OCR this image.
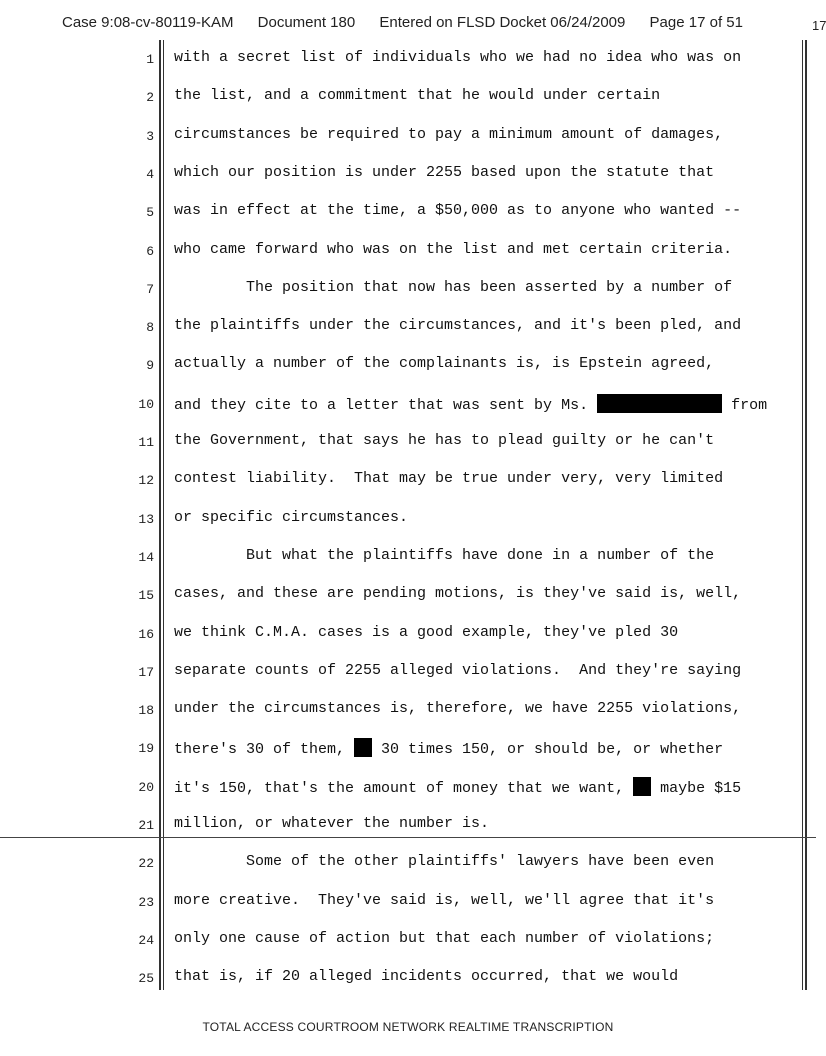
Case 9:08-cv-80119-KAM Document 180 Entered on FLSD Docket 06/24/2009 Page 17 of 51	17
1 with a secret list of individuals who we had no idea who was on
2 the list, and a commitment that he would under certain
3 circumstances be required to pay a minimum amount of damages,
4 which our position is under 2255 based upon the statute that
5 was in effect at the time, a $50,000 as to anyone who wanted --
6 who came forward who was on the list and met certain criteria.
7 The position that now has been asserted by a number of
8 the plaintiffs under the circumstances, and it's been pled, and
9 actually a number of the complainants is, is Epstein agreed,
10 and they cite to a letter that was sent by Ms.	from
11 the Government, that says he has to plead guilty or he can't
12 contest liability.  That may be true under very, very limited
13 or specific circumstances.
14 But what the plaintiffs have done in a number of the
15 cases, and these are pending motions, is they've said is, well,
16 we think C.M.A. cases is a good example, they've pled 30
17 separate counts of 2255 alleged violations.  And they're saying
18 under the circumstances is, therefore, we have 2255 violations,
19 there's 30 of them,  30 times 150, or should be, or whether
20 it's 150, that's the amount of money that we want,  maybe $15
21 million, or whatever the number is.
22 Some of the other plaintiffs' lawyers have been even
23 more creative.  They've said is, well, we'll agree that it's
24 only one cause of action but that each number of violations;
25 that is, if 20 alleged incidents occurred, that we would
TOTAL ACCESS COURTROOM NETWORK REALTIME TRANSCRIPTION
